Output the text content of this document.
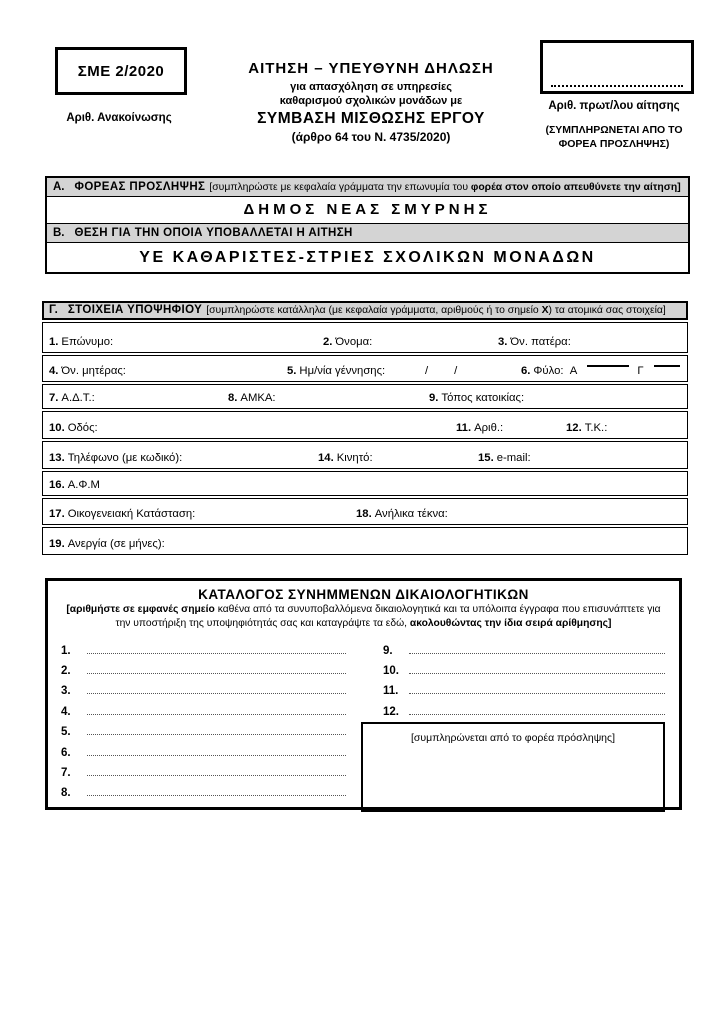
ΣΜΕ 2/2020
Αριθ. Ανακοίνωσης
ΑΙΤΗΣΗ – ΥΠΕΥΘΥΝΗ ΔΗΛΩΣΗ
για απασχόληση σε υπηρεσίες
καθαρισμού σχολικών μονάδων με
ΣΥΜΒΑΣΗ ΜΙΣΘΩΣΗΣ ΕΡΓΟΥ
(άρθρο 64 του Ν. 4735/2020)
Αριθ. πρωτ/λου αίτησης
(ΣΥΜΠΛΗΡΩΝΕΤΑΙ ΑΠΟ ΤΟ
ΦΟΡΕΑ ΠΡΟΣΛΗΨΗΣ)
Α. ΦΟΡΕΑΣ ΠΡΟΣΛΗΨΗΣ [συμπληρώστε με κεφαλαία γράμματα την επωνυμία του φορέα στον οποίο απευθύνετε την αίτηση]
ΔΗΜΟΣ ΝΕΑΣ ΣΜΥΡΝΗΣ
Β. ΘΕΣΗ ΓΙΑ ΤΗΝ ΟΠΟΙΑ ΥΠΟΒΑΛΛΕΤΑΙ Η ΑΙΤΗΣΗ
ΥΕ ΚΑΘΑΡΙΣΤΕΣ-ΣΤΡΙΕΣ ΣΧΟΛΙΚΩΝ ΜΟΝΑΔΩΝ
Γ. ΣΤΟΙΧΕΙΑ ΥΠΟΨΗΦΙΟΥ [συμπληρώστε κατάλληλα (με κεφαλαία γράμματα, αριθμούς ή το σημείο Χ) τα ατομικά σας στοιχεία]
1. Επώνυμο:	2. Όνομα:	3. Όν. πατέρα:
4. Όν. μητέρας:	5. Ημ/νία γέννησης:	/ /	6. Φύλο: Α	Γ
7. Α.Δ.Τ.:	8. ΑΜΚΑ:	9. Τόπος κατοικίας:
10. Οδός:	11. Αριθ.:	12. Τ.Κ.:
13. Τηλέφωνο (με κωδικό):	14. Κινητό:	15. e-mail:
16. Α.Φ.Μ
17. Οικογενειακή Κατάσταση:	18. Ανήλικα τέκνα:
19. Ανεργία (σε μήνες):
ΚΑΤΑΛΟΓΟΣ ΣΥΝΗΜΜΕΝΩΝ ΔΙΚΑΙΟΛΟΓΗΤΙΚΩΝ
[αριθμήστε σε εμφανές σημείο καθένα από τα συνυποβαλλόμενα δικαιολογητικά και τα υπόλοιπα έγγραφα που επισυνάπτετε για την υποστήριξη της υποψηφιότητάς σας και καταγράψτε τα εδώ, ακολουθώντας την ίδια σειρά αρίθμησης]
1.
2.
3.
4.
5.
6.
7.
8.
9.
10.
11.
12.
[συμπληρώνεται από το φορέα πρόσληψης]
